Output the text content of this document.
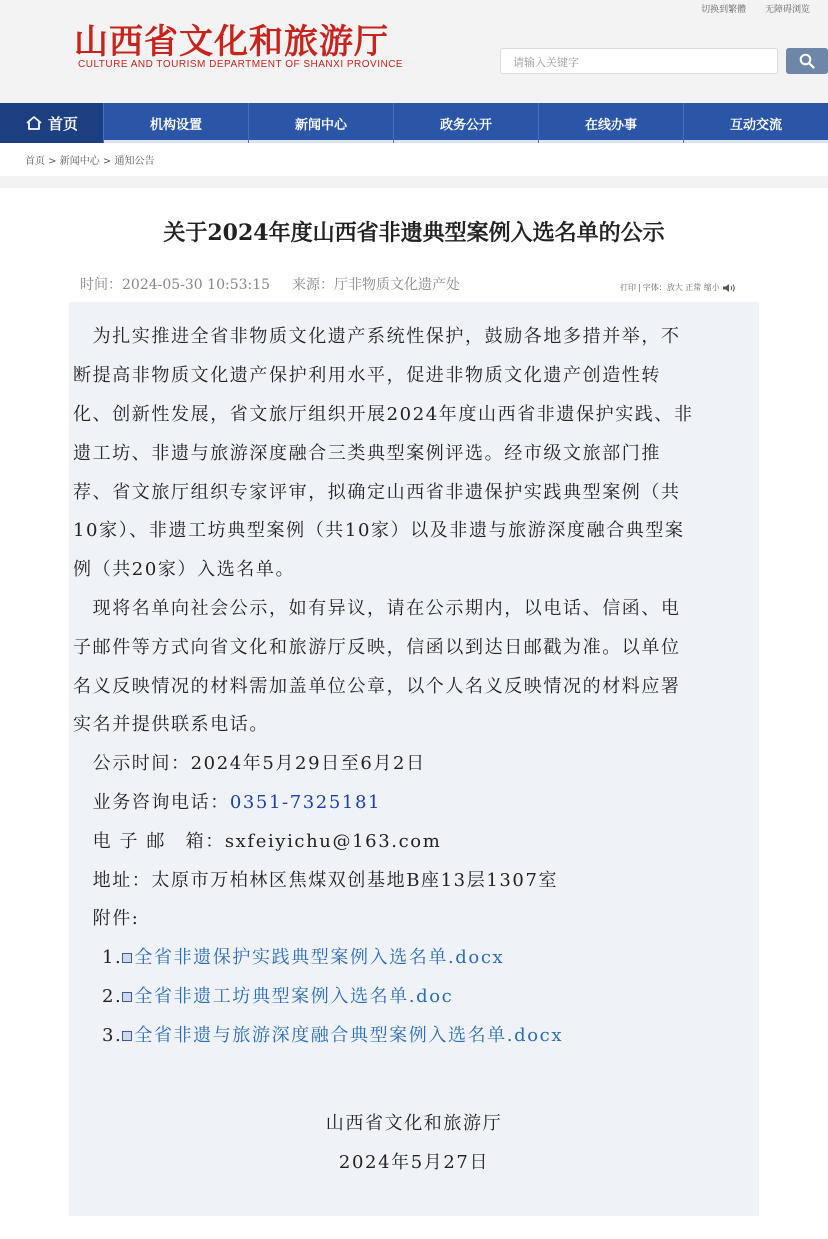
山西省文化和旅游厅
CULTURE AND TOURISM DEPARTMENT OF SHANXI PROVINCE
切换到繁體 无障碍浏览
请输入关键字
首页	机构设置	新闻中心	政务公开	在线办事	互动交流
首页 > 新闻中心 > 通知公告
关于2024年度山西省非遗典型案例入选名单的公示
时间：2024-05-30 10:53:15 来源：厅非物质文化遗产处	打印 | 字体： 放大
正常
缩小

　为扎实推进全省非物质文化遗产系统性保护，鼓励各地多措并举，不
断提高非物质文化遗产保护利用水平，促进非物质文化遗产创造性转
化、创新性发展，省文旅厅组织开展2024年度山西省非遗保护实践、非
遗工坊、非遗与旅游深度融合三类典型案例评选。经市级文旅部门推
荐、省文旅厅组织专家评审，拟确定山西省非遗保护实践典型案例（共
10家）、非遗工坊典型案例（共10家）以及非遗与旅游深度融合典型案
例（共20家）入选名单。
　现将名单向社会公示，如有异议，请在公示期内，以电话、信函、电
子邮件等方式向省文化和旅游厅反映，信函以到达日邮戳为准。以单位
名义反映情况的材料需加盖单位公章，以个人名义反映情况的材料应署
实名并提供联系电话。
　公示时间：2024年5月29日至6月2日
　业务咨询电话：0351-7325181
　电 子 邮　箱：sxfeiyichu@163.com
　地址：太原市万柏林区焦煤双创基地B座13层1307室
　附件:
1. 全省非遗保护实践典型案例入选名单.docx
2. 全省非遗工坊典型案例入选名单.doc
3. 全省非遗与旅游深度融合典型案例入选名单.docx
山西省文化和旅游厅
2024年5月27日
